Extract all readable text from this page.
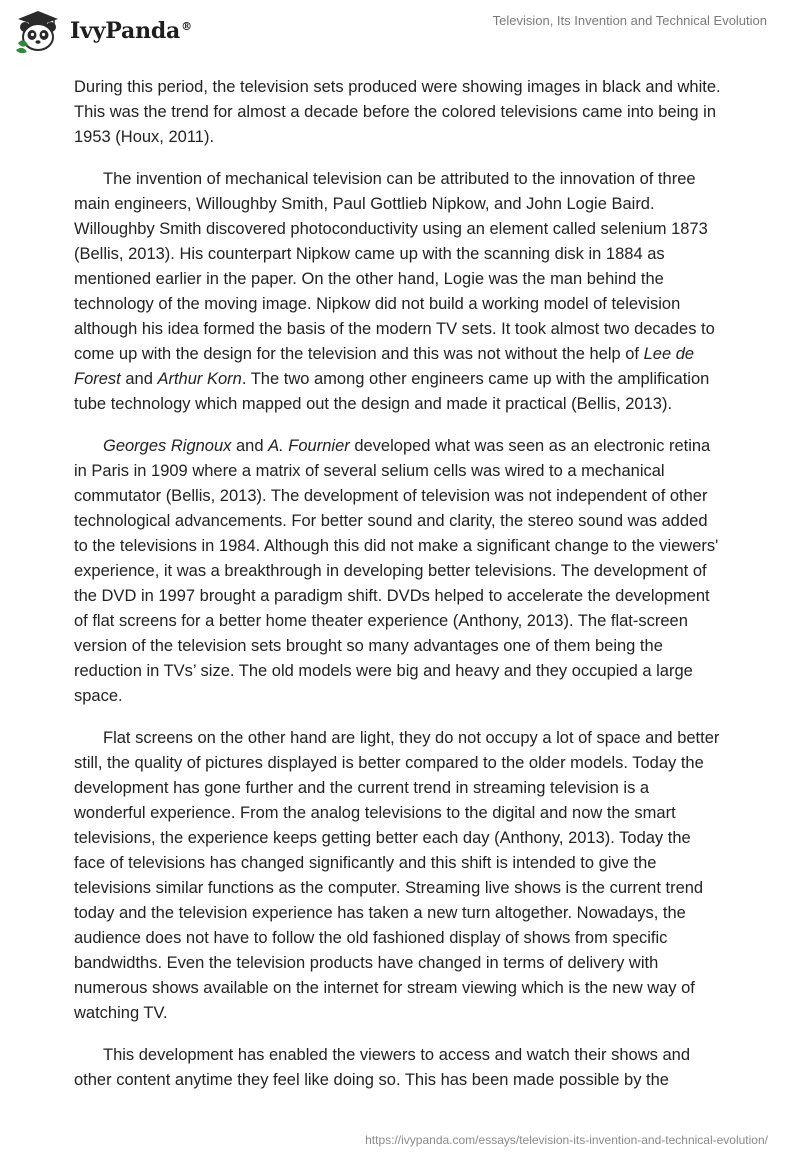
IvyPanda®	Television, Its Invention and Technical Evolution

During this period, the television sets produced were showing images in black and white. This was the trend for almost a decade before the colored televisions came into being in 1953 (Houx, 2011).

The invention of mechanical television can be attributed to the innovation of three main engineers, Willoughby Smith, Paul Gottlieb Nipkow, and John Logie Baird. Willoughby Smith discovered photoconductivity using an element called selenium 1873 (Bellis, 2013). His counterpart Nipkow came up with the scanning disk in 1884 as mentioned earlier in the paper. On the other hand, Logie was the man behind the technology of the moving image. Nipkow did not build a working model of television although his idea formed the basis of the modern TV sets. It took almost two decades to come up with the design for the television and this was not without the help of Lee de Forest and Arthur Korn. The two among other engineers came up with the amplification tube technology which mapped out the design and made it practical (Bellis, 2013).

Georges Rignoux and A. Fournier developed what was seen as an electronic retina in Paris in 1909 where a matrix of several selium cells was wired to a mechanical commutator (Bellis, 2013). The development of television was not independent of other technological advancements. For better sound and clarity, the stereo sound was added to the televisions in 1984. Although this did not make a significant change to the viewers' experience, it was a breakthrough in developing better televisions. The development of the DVD in 1997 brought a paradigm shift. DVDs helped to accelerate the development of flat screens for a better home theater experience (Anthony, 2013). The flat-screen version of the television sets brought so many advantages one of them being the reduction in TVs’ size. The old models were big and heavy and they occupied a large space.

Flat screens on the other hand are light, they do not occupy a lot of space and better still, the quality of pictures displayed is better compared to the older models. Today the development has gone further and the current trend in streaming television is a wonderful experience. From the analog televisions to the digital and now the smart televisions, the experience keeps getting better each day (Anthony, 2013). Today the face of televisions has changed significantly and this shift is intended to give the televisions similar functions as the computer. Streaming live shows is the current trend today and the television experience has taken a new turn altogether. Nowadays, the audience does not have to follow the old fashioned display of shows from specific bandwidths. Even the television products have changed in terms of delivery with numerous shows available on the internet for stream viewing which is the new way of watching TV.

This development has enabled the viewers to access and watch their shows and other content anytime they feel like doing so. This has been made possible by the

https://ivypanda.com/essays/television-its-invention-and-technical-evolution/
